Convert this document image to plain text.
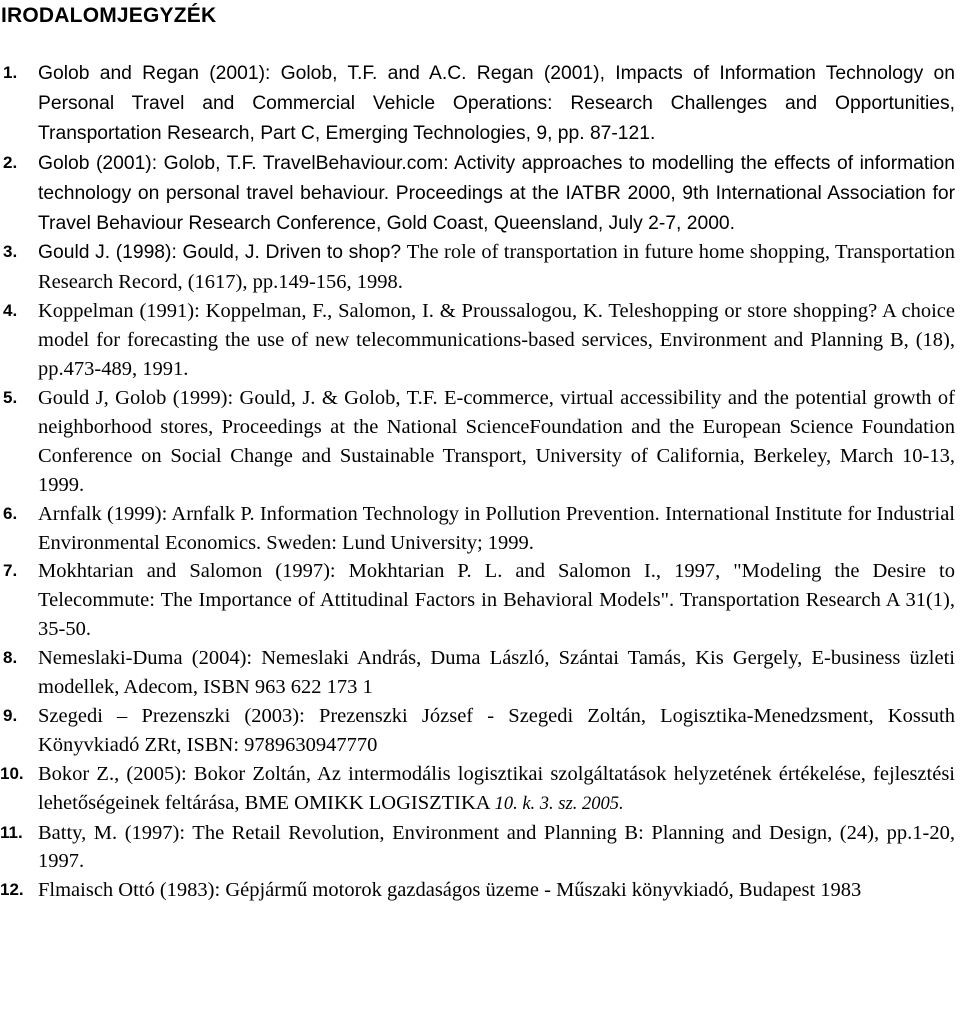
IRODALOMJEGYZÉK
1. Golob and Regan (2001): Golob, T.F. and A.C. Regan (2001), Impacts of Information Technology on Personal Travel and Commercial Vehicle Operations: Research Challenges and Opportunities, Transportation Research, Part C, Emerging Technologies, 9, pp. 87-121.
2. Golob (2001): Golob, T.F. TravelBehaviour.com: Activity approaches to modelling the effects of information technology on personal travel behaviour. Proceedings at the IATBR 2000, 9th International Association for Travel Behaviour Research Conference, Gold Coast, Queensland, July 2-7, 2000.
3. Gould J. (1998): Gould, J. Driven to shop? The role of transportation in future home shopping, Transportation Research Record, (1617), pp.149-156, 1998.
4. Koppelman (1991): Koppelman, F., Salomon, I. & Proussalogou, K. Teleshopping or store shopping? A choice model for forecasting the use of new telecommunications-based services, Environment and Planning B, (18), pp.473-489, 1991.
5. Gould J, Golob (1999): Gould, J. & Golob, T.F. E-commerce, virtual accessibility and the potential growth of neighborhood stores, Proceedings at the National ScienceFoundation and the European Science Foundation Conference on Social Change and Sustainable Transport, University of California, Berkeley, March 10-13, 1999.
6. Arnfalk (1999): Arnfalk P. Information Technology in Pollution Prevention. International Institute for Industrial Environmental Economics. Sweden: Lund University; 1999.
7. Mokhtarian and Salomon (1997): Mokhtarian P. L. and Salomon I., 1997, "Modeling the Desire to Telecommute: The Importance of Attitudinal Factors in Behavioral Models". Transportation Research A 31(1), 35-50.
8. Nemeslaki-Duma (2004): Nemeslaki András, Duma László, Szántai Tamás, Kis Gergely, E-business üzleti modellek, Adecom, ISBN 963 622 173 1
9. Szegedi – Prezenszki (2003): Prezenszki József - Szegedi Zoltán, Logisztika-Menedzsment, Kossuth Könyvkiadó ZRt, ISBN: 9789630947770
10. Bokor Z., (2005): Bokor Zoltán, Az intermodális logisztikai szolgáltatások helyzetének értékelése, fejlesztési lehetőségeinek feltárása, BME OMIKK LOGISZTIKA 10. k. 3. sz. 2005.
11. Batty, M. (1997): The Retail Revolution, Environment and Planning B: Planning and Design, (24), pp.1-20, 1997.
12. Flmaisch Ottó (1983): Gépjármű motorok gazdaságos üzeme - Műszaki könyvkiadó, Budapest 1983
